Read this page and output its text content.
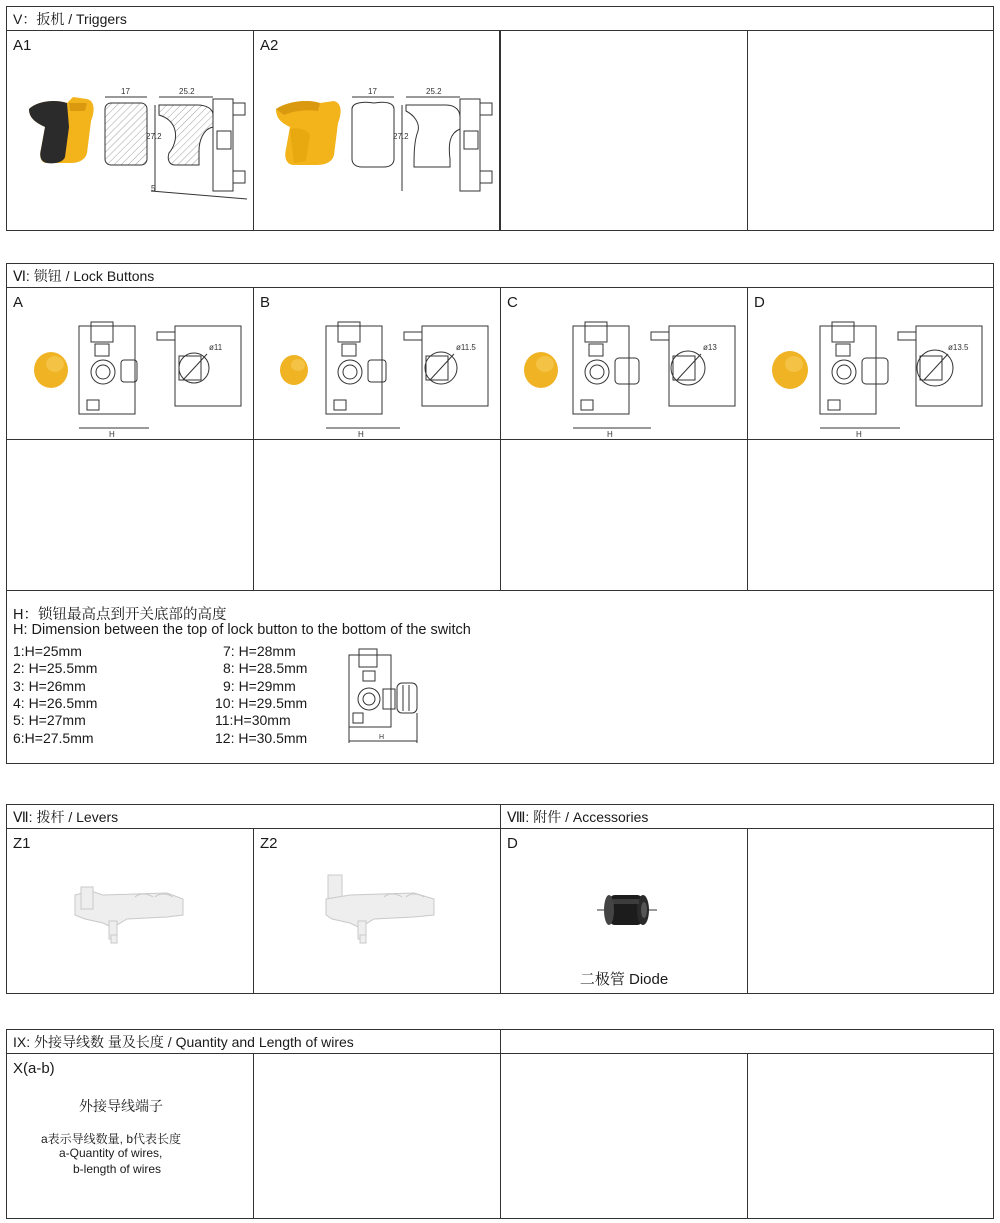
V：扳机 / Triggers
A1
17	25.2
27.2
5
A2
17	25.2
27.2
Ⅵ: 锁钮 / Lock Buttons
A
ø11
H
B
ø11.5
H
C
ø13
H
D
ø13.5
H
H：锁钮最高点到开关底部的高度
H: Dimension between the top of lock button to the bottom of the switch
1:H=25mm
2: H=25.5mm
3: H=26mm
4: H=26.5mm
5: H=27mm
6:H=27.5mm
7: H=28mm
8: H=28.5mm
9: H=29mm
10: H=29.5mm
11:H=30mm
12: H=30.5mm	H
Ⅶ: 拨杆 / Levers	Ⅷ: 附件 / Accessories
Z1	Z2	D
二极管 Diode
IX: 外接导线数 量及长度 / Quantity and Length of wires
X(a-b)
外接导线端子
a表示导线数量, b代表长度
a-Quantity of wires,
b-length of wires
